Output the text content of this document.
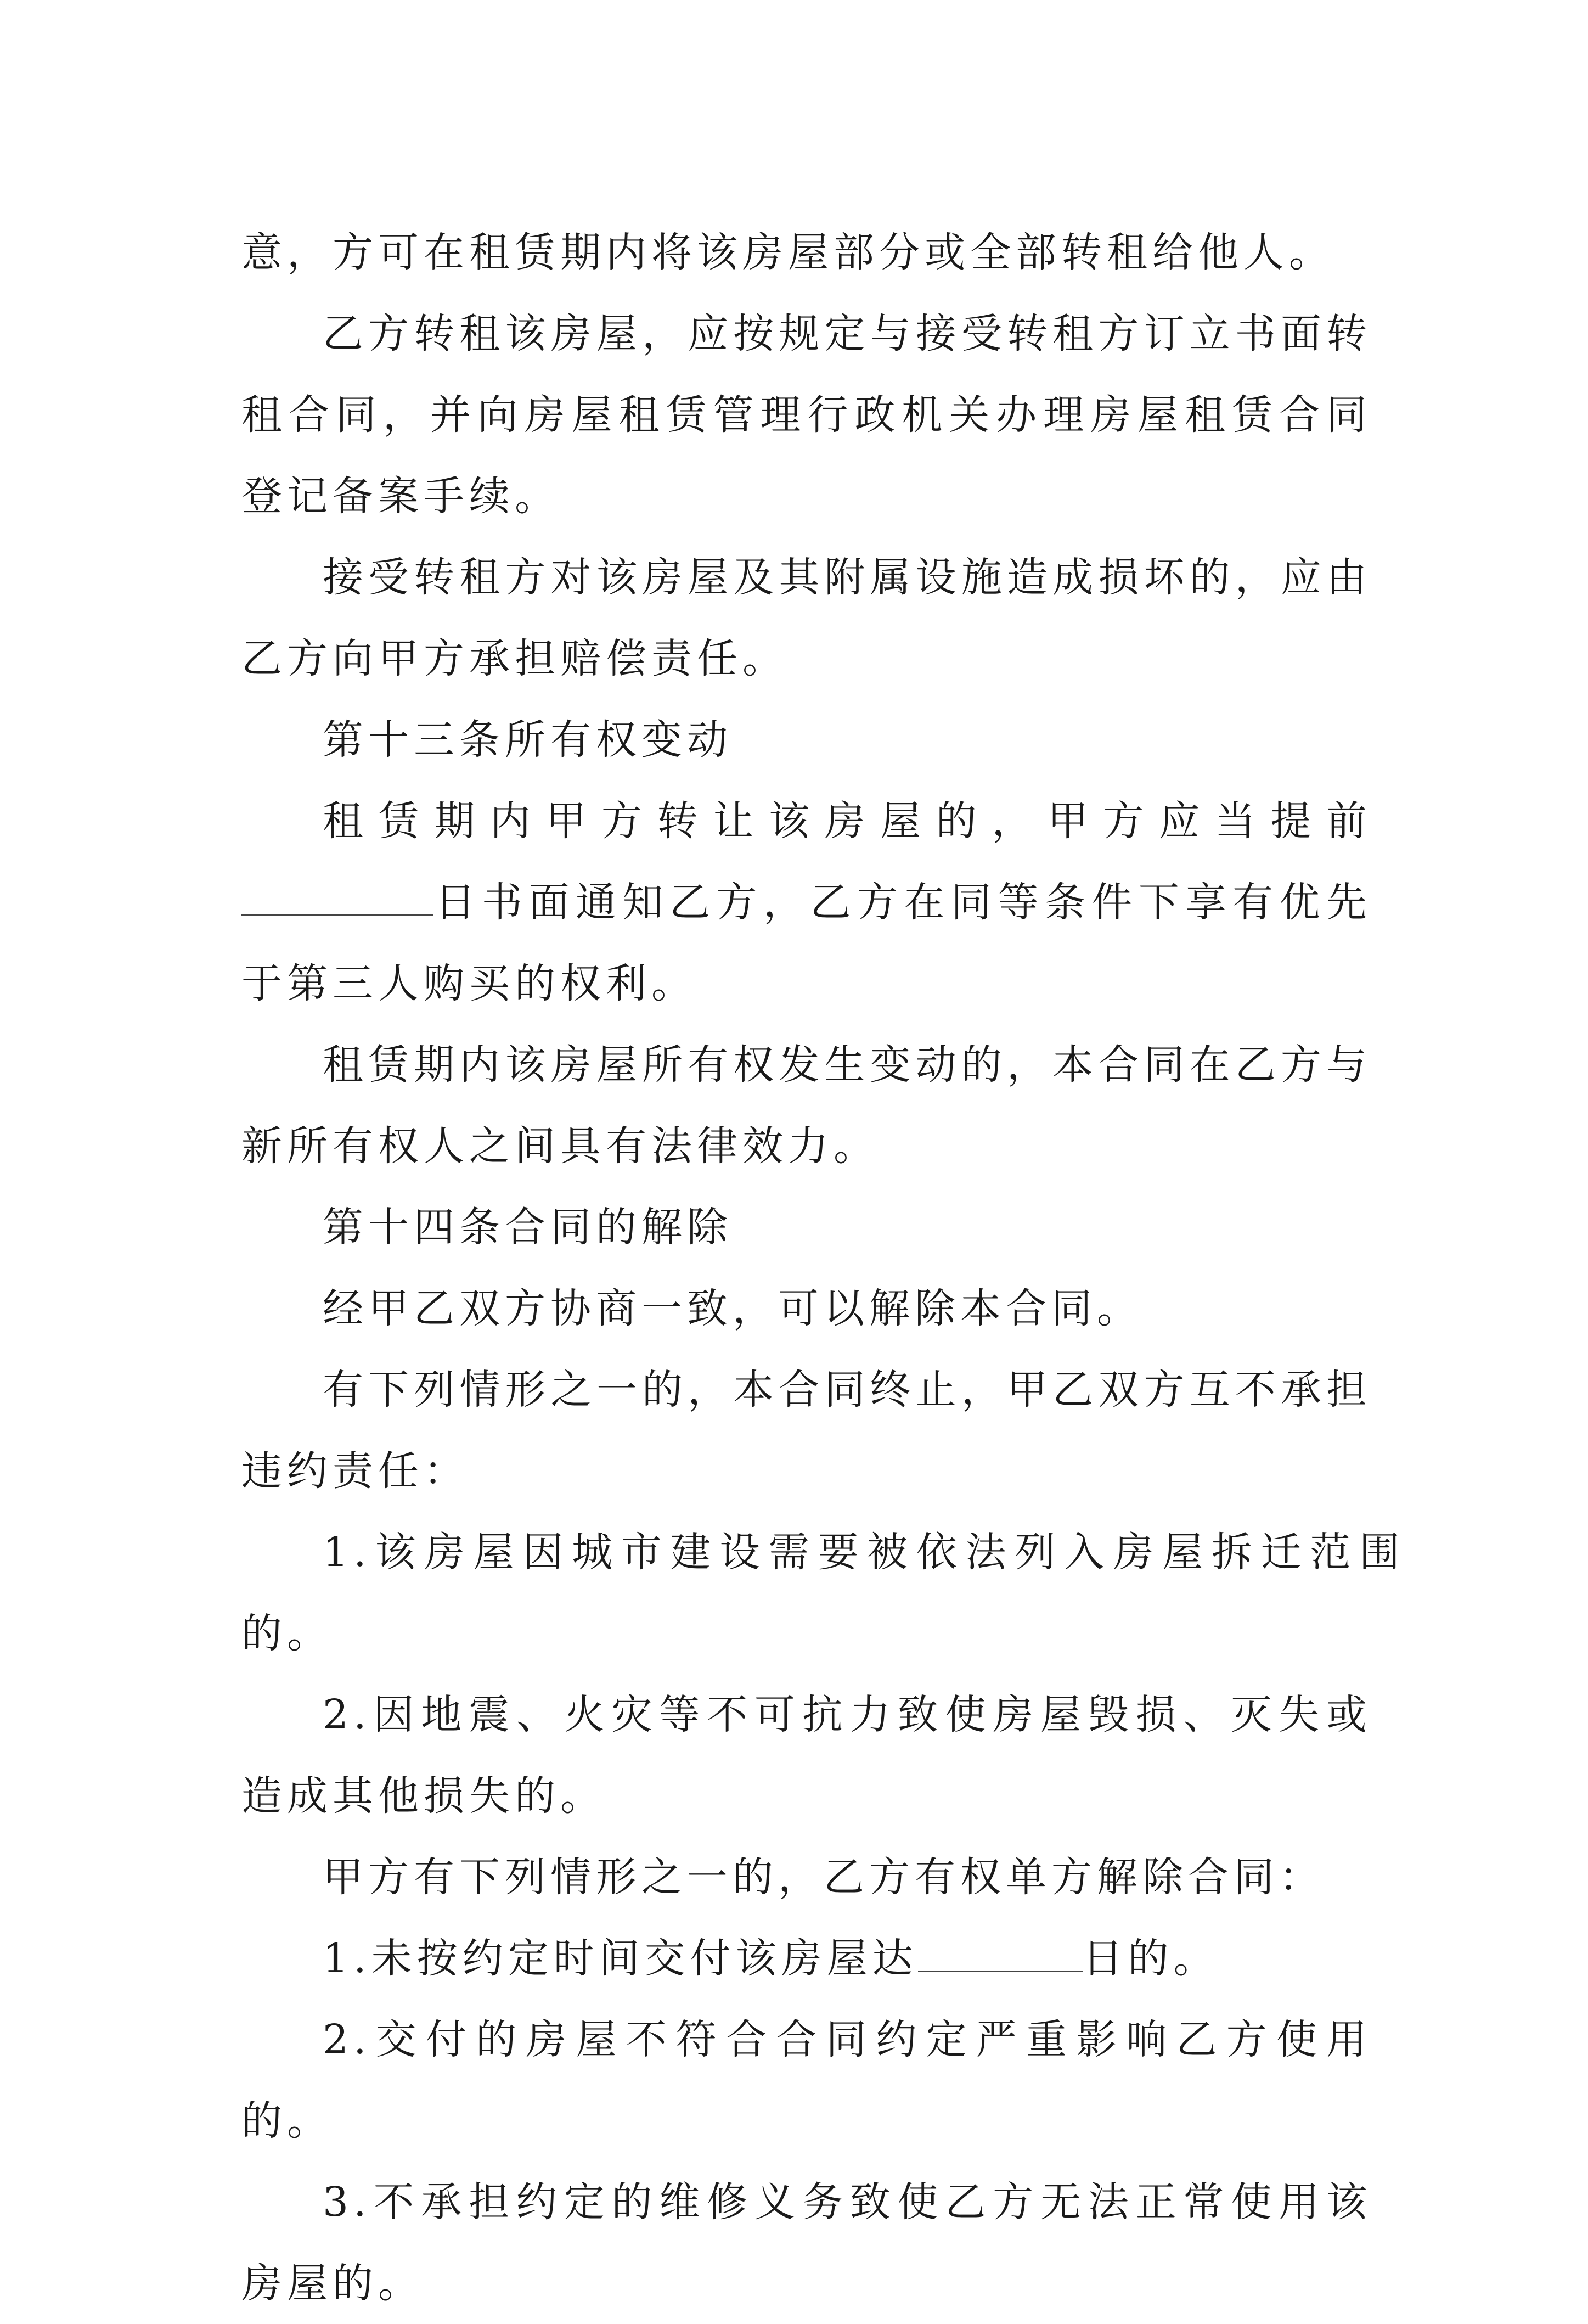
意，方可在租赁期内将该房屋部分或全部转租给他人。

乙方转租该房屋，应按规定与接受转租方订立书面转租合同，并向房屋租赁管理行政机关办理房屋租赁合同登记备案手续。

接受转租方对该房屋及其附属设施造成损坏的，应由乙方向甲方承担赔偿责任。

第十三条所有权变动

租赁期内甲方转让该房屋的，甲方应当提前日书面通知乙方，乙方在同等条件下享有优先于第三人购买的权利。

租赁期内该房屋所有权发生变动的，本合同在乙方与新所有权人之间具有法律效力。

第十四条合同的解除

经甲乙双方协商一致，可以解除本合同。

有下列情形之一的，本合同终止，甲乙双方互不承担违约责任：

1.该房屋因城市建设需要被依法列入房屋拆迁范围的。

2.因地震、火灾等不可抗力致使房屋毁损、灭失或造成其他损失的。

甲方有下列情形之一的，乙方有权单方解除合同：

1.未按约定时间交付该房屋达	日的。

2.交付的房屋不符合合同约定严重影响乙方使用的。

3.不承担约定的维修义务致使乙方无法正常使用该房屋的。
